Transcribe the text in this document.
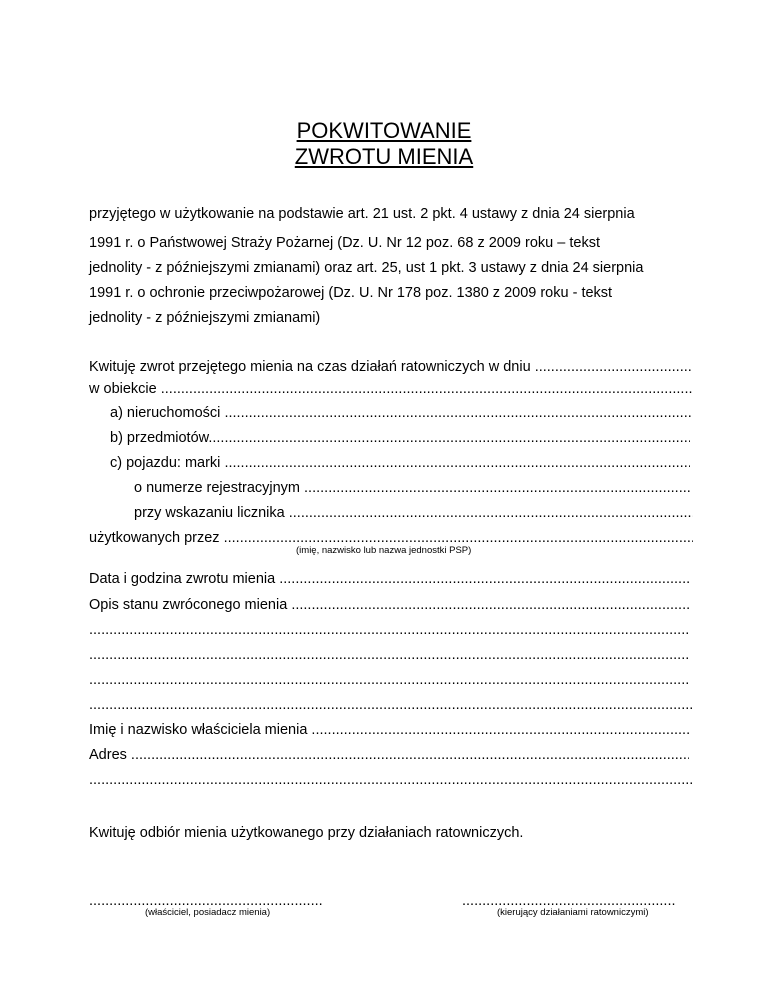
POKWITOWANIE
ZWROTU MIENIA
przyjętego w użytkowanie na podstawie art. 21 ust. 2 pkt. 4 ustawy z dnia 24 sierpnia
1991 r. o Państwowej Straży Pożarnej (Dz. U. Nr 12 poz. 68 z 2009 roku – tekst
jednolity - z późniejszymi zmianami) oraz art. 25, ust 1 pkt. 3 ustawy z dnia 24 sierpnia
1991 r. o ochronie przeciwpożarowej (Dz. U. Nr 178 poz. 1380 z 2009 roku - tekst
jednolity - z późniejszymi zmianami)
Kwituję zwrot przejętego mienia na czas działań ratowniczych w dniu .....
w obiekcie .....
a) nieruchomości .....
b) przedmiotów .....
c) pojazdu: marki .....
o numerze rejestracyjnym .....
przy wskazaniu licznika .....
użytkowanych przez .....
(imię, nazwisko lub nazwa jednostki PSP)
Data i godzina zwrotu mienia .....
Opis stanu zwróconego mienia .....
.....
.....
.....
.....
Imię i nazwisko właściciela mienia .....
Adres .....
.....
Kwituję odbiór mienia użytkowanego przy działaniach ratowniczych.
..........................................................
(właściciel, posiadacz mienia)
.....................................................
(kierujący działaniami ratowniczymi)
